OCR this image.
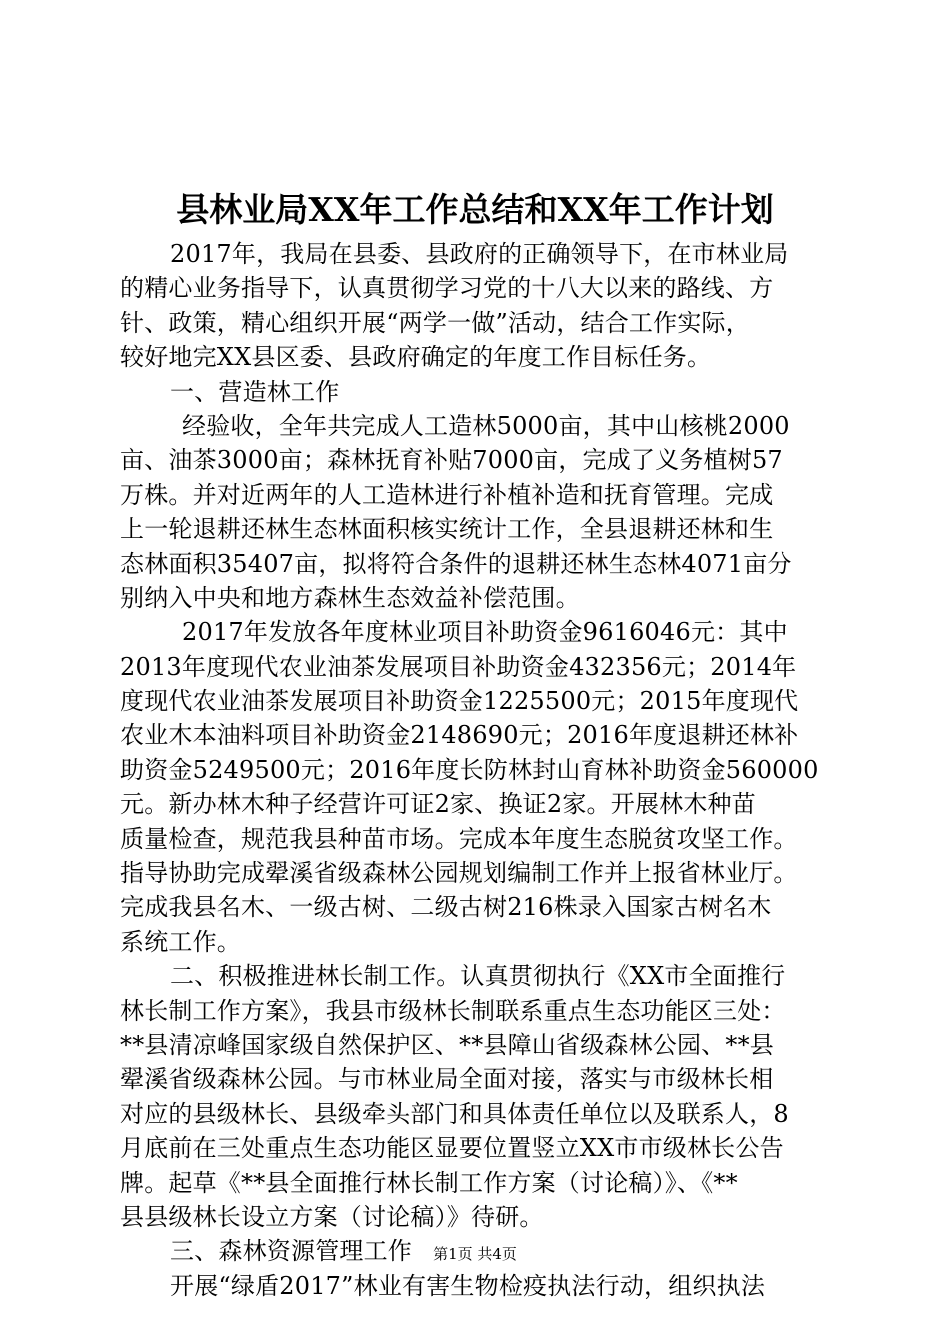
县林业局XX年工作总结和XX年工作计划
2017年，我局在县委、县政府的正确领导下，在市林业局
的精心业务指导下，认真贯彻学习党的十八大以来的路线、方
针、政策，精心组织开展“两学一做”活动，结合工作实际，
较好地完XX县区委、县政府确定的年度工作目标任务。
一、营造林工作
经验收，全年共完成人工造林5000亩，其中山核桃2000
亩、油茶3000亩；森林抚育补贴7000亩，完成了义务植树57
万株。并对近两年的人工造林进行补植补造和抚育管理。完成
上一轮退耕还林生态林面积核实统计工作，全县退耕还林和生
态林面积35407亩，拟将符合条件的退耕还林生态林4071亩分
别纳入中央和地方森林生态效益补偿范围。
2017年发放各年度林业项目补助资金9616046元：其中
2013年度现代农业油茶发展项目补助资金432356元；2014年
度现代农业油茶发展项目补助资金1225500元；2015年度现代
农业木本油料项目补助资金2148690元；2016年度退耕还林补
助资金5249500元；2016年度长防林封山育林补助资金560000
元。新办林木种子经营许可证2家、换证2家。开展林木种苗
质量检查，规范我县种苗市场。完成本年度生态脱贫攻坚工作。
指导协助完成翚溪省级森林公园规划编制工作并上报省林业厅。
完成我县名木、一级古树、二级古树216株录入国家古树名木
系统工作。
二、积极推进林长制工作。认真贯彻执行《XX市全面推行
林长制工作方案》，我县市级林长制联系重点生态功能区三处：
**县清凉峰国家级自然保护区、**县障山省级森林公园、**县
翚溪省级森林公园。与市林业局全面对接，落实与市级林长相
对应的县级林长、县级牵头部门和具体责任单位以及联系人，8
月底前在三处重点生态功能区显要位置竖立XX市市级林长公告
牌。起草《**县全面推行林长制工作方案（讨论稿）》、《**
县县级林长设立方案（讨论稿）》待研。
三、森林资源管理工作
开展“绿盾2017”林业有害生物检疫执法行动，组织执法
第1页 共4页
